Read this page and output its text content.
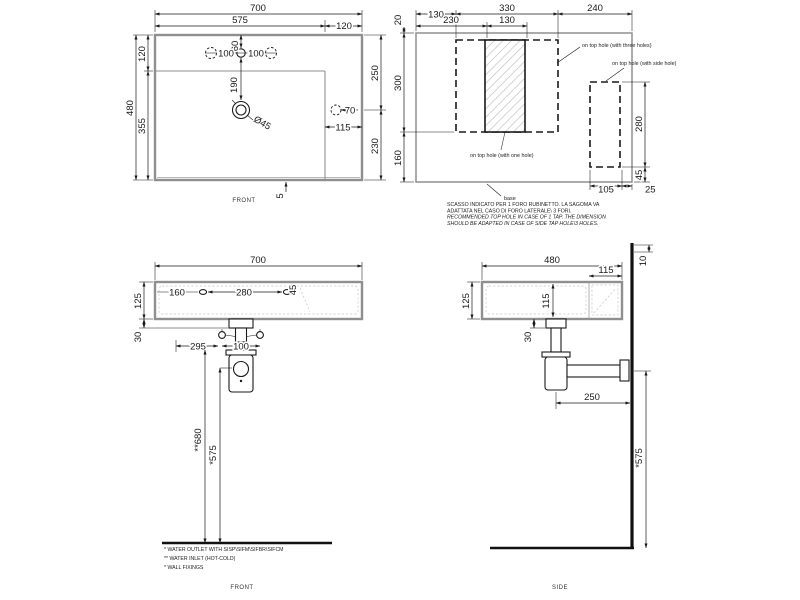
700
575
120
60
100 100
190
Ø45
70
115
120
355
480
250
230
5
FRONT
130
330	240
230	130
20
300
160
280
45
105	25
on top hole (with three holes)
on top hole (with side hole)
on top hole (with one hole)
base
SCASSO INDICATO PER 1 FORO RUBINETTO. LA SAGOMA VA
ADATTATA NEL CASO DI FORO LATERALE\ 3 FORI.
RECOMMENDED TOP HOLE IN CASE OF 1 TAP. THE DIMENSION
SHOULD BE ADAPTED IN CASE OF SIDE TAP HOLE\3 HOLES.
160	280	45
700
125
30
295	100
**680
*575
* WATER OUTLET WITH SISP\SIFM\SIFBR\SIFCM
** WATER INLET (HOT-COLD)
* WALL FIXINGS
FRONT
480
115
10
125	115
30
250
*575
SIDE
